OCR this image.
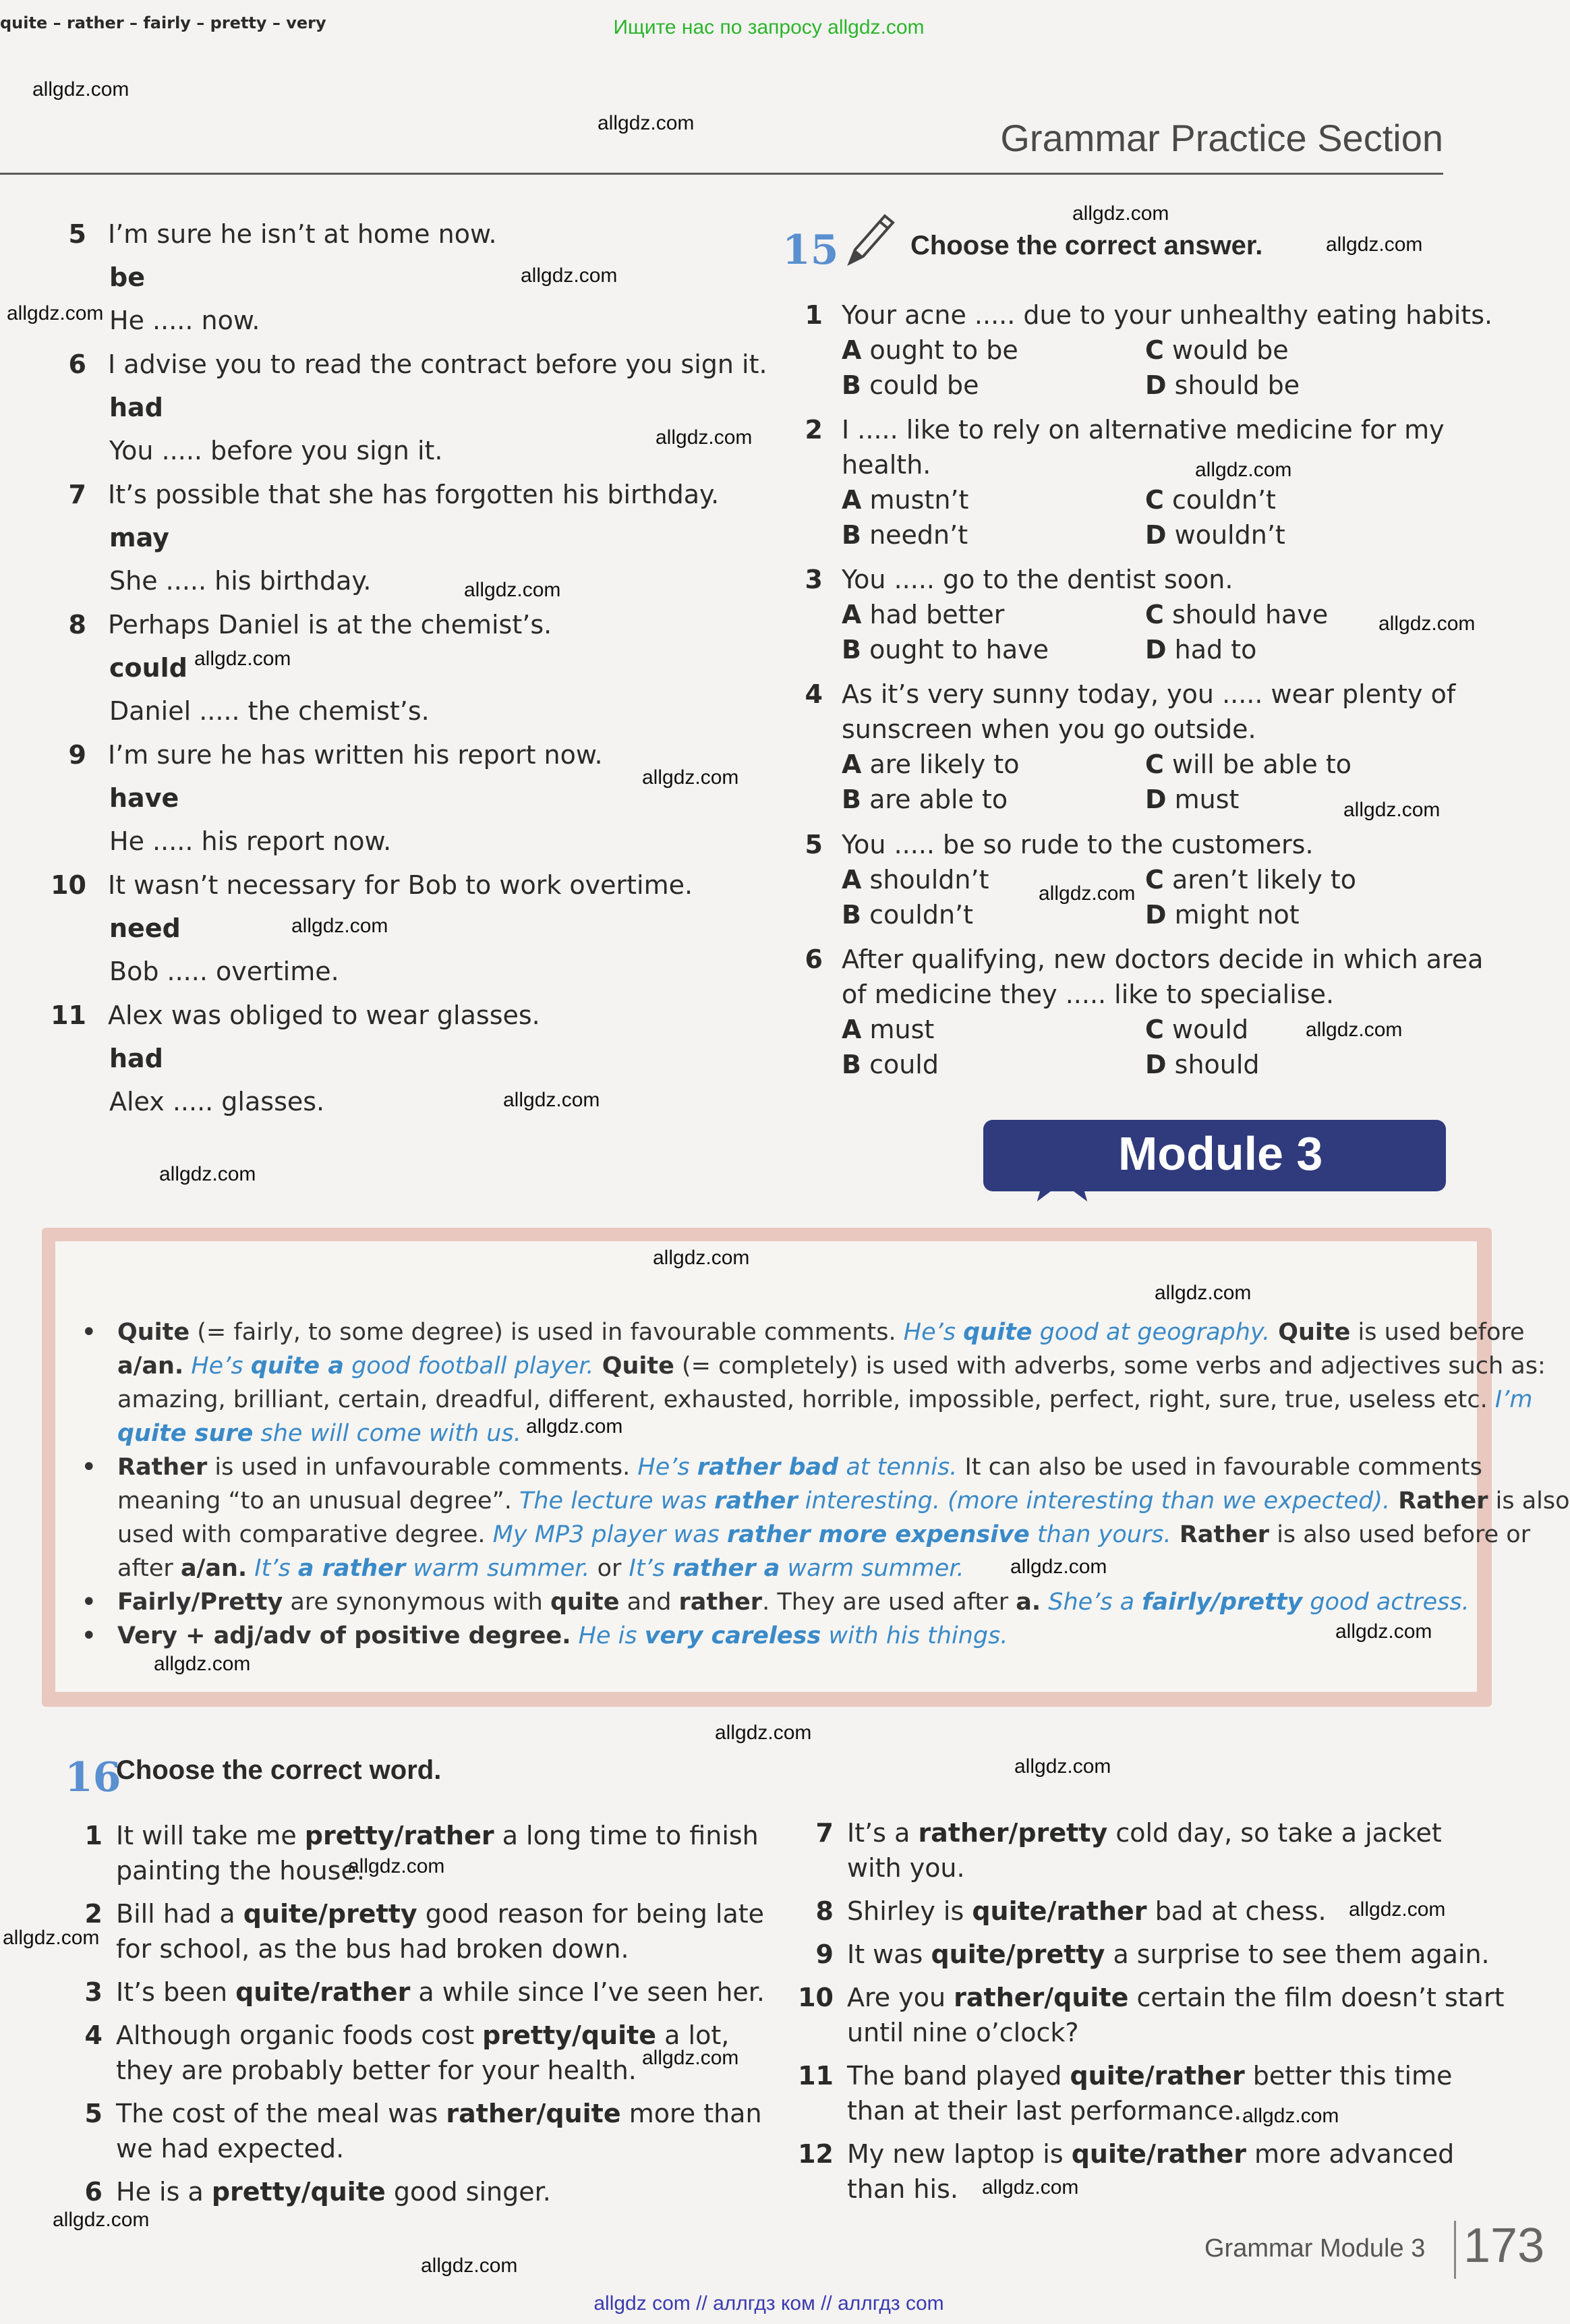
Ищите нас по запросу allgdz.com
Grammar Practice Section
5 I’m sure he isn’t at home now.
be
He ..... now.
6 I advise you to read the contract before you sign it.
had
You ..... before you sign it.
7 It’s possible that she has forgotten his birthday.
may
She ..... his birthday.
8 Perhaps Daniel is at the chemist’s.
could
Daniel ..... the chemist’s.
9 I’m sure he has written his report now.
have
He ..... his report now.
10 It wasn’t necessary for Bob to work overtime.
need
Bob ..... overtime.
11 Alex was obliged to wear glasses.
had
Alex ..... glasses.
15	Choose the correct answer.
1 Your acne ..... due to your unhealthy eating habits.
A ought to be	C would be
B could be	D should be
2 I ..... like to rely on alternative medicine for my
health.
A mustn’t	C couldn’t
B needn’t	D wouldn’t
3 You ..... go to the dentist soon.
A had better	C should have
B ought to have	D had to
4 As it’s very sunny today, you ..... wear plenty of
sunscreen when you go outside.
A are likely to	C will be able to
B are able to	D must
5 You ..... be so rude to the customers.
A shouldn’t	C aren’t likely to
B couldn’t	D might not
6 After qualifying, new doctors decide in which area
of medicine they ..... like to specialise.
A must	C would
B could	D should
Module 3
quite – rather – fairly – pretty – very
• Quite (= fairly, to some degree) is used in favourable comments. He’s quite good at geography. Quite is used before
a/an. He’s quite a good football player. Quite (= completely) is used with adverbs, some verbs and adjectives such as:
amazing, brilliant, certain, dreadful, different, exhausted, horrible, impossible, perfect, right, sure, true, useless etc. I’m
quite sure she will come with us.
• Rather is used in unfavourable comments. He’s rather bad at tennis. It can also be used in favourable comments
meaning “to an unusual degree”. The lecture was rather interesting. (more interesting than we expected). Rather is also
used with comparative degree. My MP3 player was rather more expensive than yours. Rather is also used before or
after a/an. It’s a rather warm summer. or It’s rather a warm summer.
• Fairly/Pretty are synonymous with quite and rather. They are used after a. She’s a fairly/pretty good actress.
• Very + adj/adv of positive degree. He is very careless with his things.
16
Choose the correct word.
1 It will take me pretty/rather a long time to finish
painting the house.
2 Bill had a quite/pretty good reason for being late
for school, as the bus had broken down.
3 It’s been quite/rather a while since I’ve seen her.
4 Although organic foods cost pretty/quite a lot,
they are probably better for your health.
5 The cost of the meal was rather/quite more than
we had expected.
6 He is a pretty/quite good singer.
7 It’s a rather/pretty cold day, so take a jacket
with you.
8 Shirley is quite/rather bad at chess.
9 It was quite/pretty a surprise to see them again.
10 Are you rather/quite certain the film doesn’t start
until nine o’clock?
11 The band played quite/rather better this time
than at their last performance.
12 My new laptop is quite/rather more advanced
than his.
Grammar Module 3 173
allgdz com // аллгдз ком // аллгдз com
allgdz.com
allgdz.com
allgdz.com
allgdz.com
allgdz.com
allgdz.com
allgdz.com
allgdz.com
allgdz.com
allgdz.com
allgdz.com
allgdz.com
allgdz.com
allgdz.com
allgdz.com
allgdz.com
allgdz.com
allgdz.com
allgdz.com
allgdz.com
allgdz.com
allgdz.com
allgdz.com
allgdz.com
allgdz.com
allgdz.com
allgdz.com
allgdz.com
allgdz.com
allgdz.com
allgdz.com
allgdz.com
allgdz.com
allgdz.com
